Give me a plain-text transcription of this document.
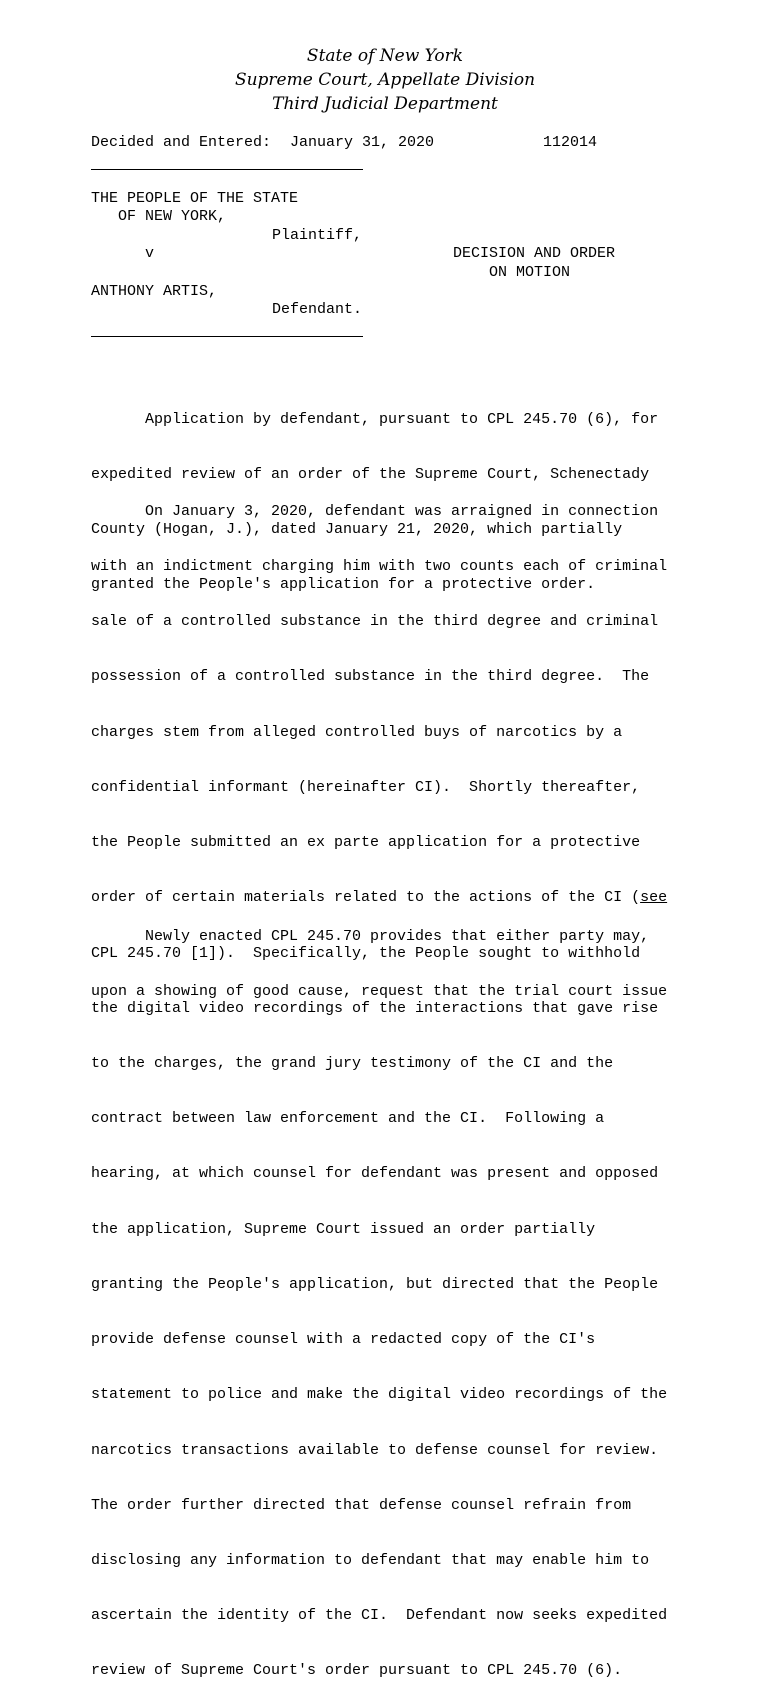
State of New York
Supreme Court, Appellate Division
Third Judicial Department
Decided and Entered: January 31, 2020	112014
THE PEOPLE OF THE STATE
OF NEW YORK,
Plaintiff,
v	DECISION AND ORDER
ON MOTION
ANTHONY ARTIS,
Defendant.

Application by defendant, pursuant to CPL 245.70 (6), for

expedited review of an order of the Supreme Court, Schenectady

County (Hogan, J.), dated January 21, 2020, which partially

granted the People's application for a protective order.

On January 3, 2020, defendant was arraigned in connection

with an indictment charging him with two counts each of criminal

sale of a controlled substance in the third degree and criminal

possession of a controlled substance in the third degree.  The

charges stem from alleged controlled buys of narcotics by a

confidential informant (hereinafter CI).  Shortly thereafter,

the People submitted an ex parte application for a protective

order of certain materials related to the actions of the CI (see

CPL 245.70 [1]).  Specifically, the People sought to withhold

the digital video recordings of the interactions that gave rise

to the charges, the grand jury testimony of the CI and the

contract between law enforcement and the CI.  Following a

hearing, at which counsel for defendant was present and opposed

the application, Supreme Court issued an order partially

granting the People's application, but directed that the People

provide defense counsel with a redacted copy of the CI's

statement to police and make the digital video recordings of the

narcotics transactions available to defense counsel for review.

The order further directed that defense counsel refrain from

disclosing any information to defendant that may enable him to

ascertain the identity of the CI.  Defendant now seeks expedited

review of Supreme Court's order pursuant to CPL 245.70 (6).

Newly enacted CPL 245.70 provides that either party may,

upon a showing of good cause, request that the trial court issue
